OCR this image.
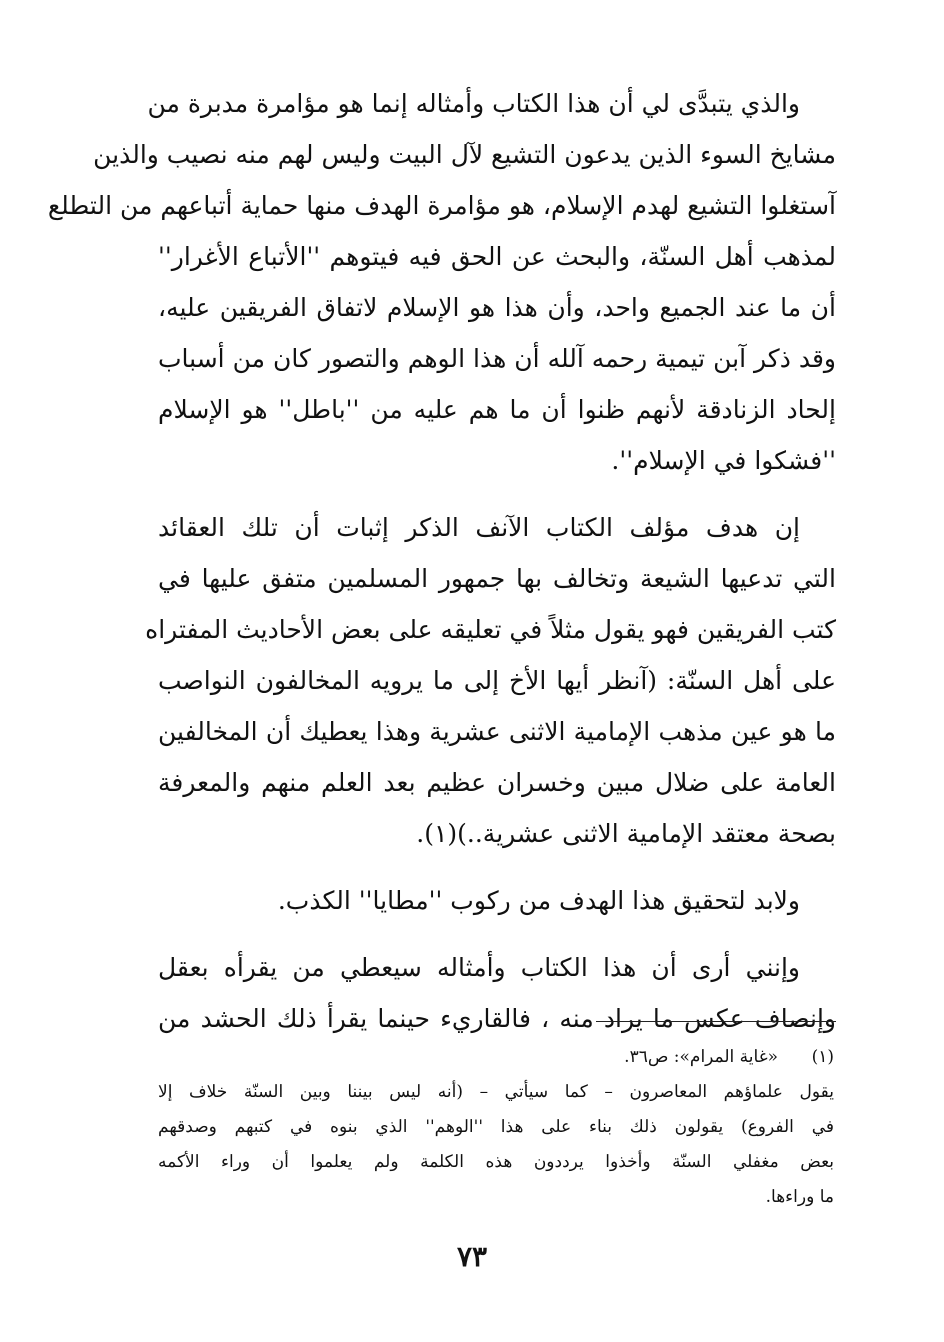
والذي يتبدَّى لي أن هذا الكتاب وأمثاله إنما هو مؤامرة مدبرة من
مشايخ السوء الذين يدعون التشيع لآل البيت وليس لهم منه نصيب والذين
آستغلوا التشيع لهدم الإسلام، هو مؤامرة الهدف منها حماية أتباعهم من التطلع
لمذهب أهل السنّة، والبحث عن الحق فيه فيتوهم ''الأتباع الأغرار''
أن ما عند الجميع واحد، وأن هذا هو الإسلام لاتفاق الفريقين عليه،
وقد ذكر آبن تيمية رحمه آلله أن هذا الوهم والتصور كان من أسباب
إلحاد الزنادقة لأنهم ظنوا أن ما هم عليه من ''باطل'' هو الإسلام
''فشكوا في الإسلام''.
إن هدف مؤلف الكتاب الآنف الذكر إثبات أن تلك العقائد
التي تدعيها الشيعة وتخالف بها جمهور المسلمين متفق عليها في
كتب الفريقين فهو يقول مثلاً في تعليقه على بعض الأحاديث المفتراه
على أهل السنّة: (آنظر أيها الأخ إلى ما يرويه المخالفون النواصب
ما هو عين مذهب الإمامية الاثنى عشرية وهذا يعطيك أن المخالفين
العامة على ضلال مبين وخسران عظيم بعد العلم منهم والمعرفة
بصحة معتقد الإمامية الاثنى عشرية..)(١).
ولابد لتحقيق هذا الهدف من ركوب ''مطايا'' الكذب.
وإنني أرى أن هذا الكتاب وأمثاله سيعطي من يقرأه بعقل
وإنصاف عكس ما يراد منه ، فالقاريء حينما يقرأ ذلك الحشد من
(١)
«غاية المرام»: ص٣٦.
يقول علماؤهم المعاصرون – كما سيأتي – (أنه ليس بيننا وبين السنّة خلاف إلا
في الفروع) يقولون ذلك بناء على هذا ''الوهم'' الذي بنوه في كتبهم وصدقهم
بعض مغفلي السنّة وأخذوا يرددون هذه الكلمة ولم يعلموا أن وراء الأكمه
ما وراءها.
٧٣
